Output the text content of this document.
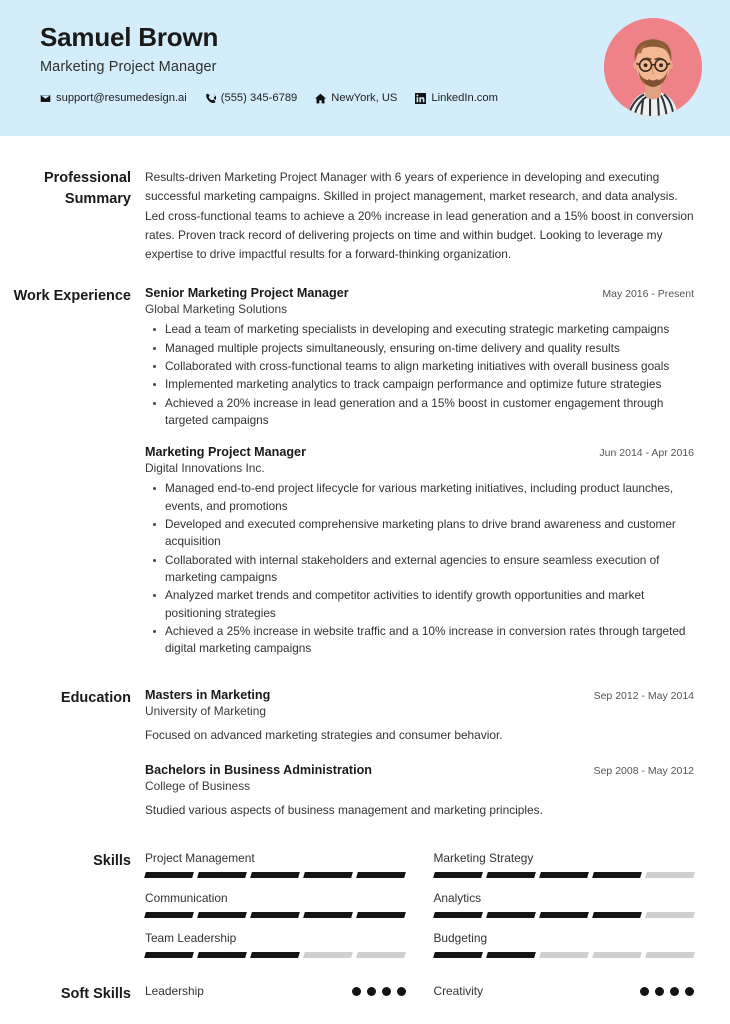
Samuel Brown
Marketing Project Manager
support@resumedesign.ai	(555) 345-6789	NewYork, US	LinkedIn.com
Professional Summary
Results-driven Marketing Project Manager with 6 years of experience in developing and executing successful marketing campaigns. Skilled in project management, market research, and data analysis. Led cross-functional teams to achieve a 20% increase in lead generation and a 15% boost in conversion rates. Proven track record of delivering projects on time and within budget. Looking to leverage my expertise to drive impactful results for a forward-thinking organization.
Work Experience	Senior Marketing Project Manager	May 2016 - Present
Global Marketing Solutions
Lead a team of marketing specialists in developing and executing strategic marketing campaigns
Managed multiple projects simultaneously, ensuring on-time delivery and quality results
Collaborated with cross-functional teams to align marketing initiatives with overall business goals
Implemented marketing analytics to track campaign performance and optimize future strategies
Achieved a 20% increase in lead generation and a 15% boost in customer engagement through targeted campaigns
Marketing Project Manager	Jun 2014 - Apr 2016
Digital Innovations Inc.
Managed end-to-end project lifecycle for various marketing initiatives, including product launches, events, and promotions
Developed and executed comprehensive marketing plans to drive brand awareness and customer acquisition
Collaborated with internal stakeholders and external agencies to ensure seamless execution of marketing campaigns
Analyzed market trends and competitor activities to identify growth opportunities and market positioning strategies
Achieved a 25% increase in website traffic and a 10% increase in conversion rates through targeted digital marketing campaigns
Education	Masters in Marketing	Sep 2012 - May 2014
University of Marketing
Focused on advanced marketing strategies and consumer behavior.
Bachelors in Business Administration	Sep 2008 - May 2012
College of Business
Studied various aspects of business management and marketing principles.
Skills	Project Management	Marketing Strategy
Communication	Analytics
Team Leadership	Budgeting
Soft Skills	Leadership	Creativity
